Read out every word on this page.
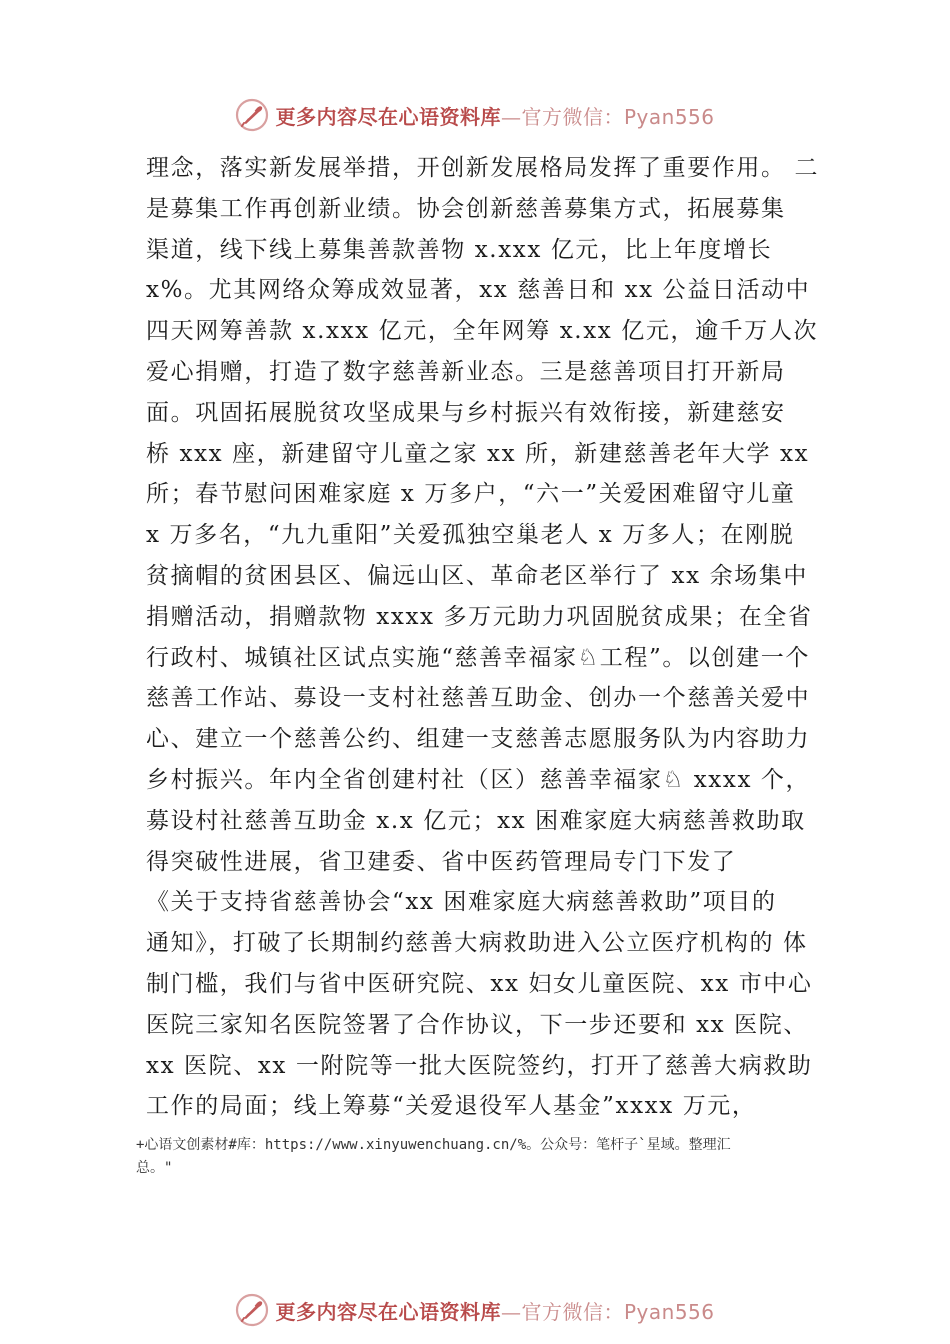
更多内容尽在心语资料库—官方微信：Pyan556
理念，落实新发展举措，开创新发展格局发挥了重要作用。 二
是募集工作再创新业绩。协会创新慈善募集方式，拓展募集
渠道，线下线上募集善款善物 x.xxx 亿元，比上年度增长
x%。尤其网络众筹成效显著，xx 慈善日和 xx 公益日活动中
四天网筹善款 x.xxx 亿元，全年网筹 x.xx 亿元，逾千万人次
爱心捐赠，打造了数字慈善新业态。三是慈善项目打开新局
面。巩固拓展脱贫攻坚成果与乡村振兴有效衔接，新建慈安
桥 xxx 座，新建留守儿童之家 xx 所，新建慈善老年大学 xx
所；春节慰问困难家庭 x 万多户，“六一”关爱困难留守儿童
x 万多名，“九九重阳”关爱孤独空巢老人 x 万多人；在刚脱
贫摘帽的贫困县区、偏远山区、革命老区举行了 xx 余场集中
捐赠活动，捐赠款物 xxxx 多万元助力巩固脱贫成果；在全省
行政村、城镇社区试点实施“慈善幸福家♘工程”。以创建一个
慈善工作站、募设一支村社慈善互助金、创办一个慈善关爱中
心、建立一个慈善公约、组建一支慈善志愿服务队为内容助力
乡村振兴。年内全省创建村社（区）慈善幸福家♘ xxxx 个，
募设村社慈善互助金 x.x 亿元；xx 困难家庭大病慈善救助取
得突破性进展，省卫建委、省中医药管理局专门下发了
《关于支持省慈善协会“xx 困难家庭大病慈善救助”项目的
通知》，打破了长期制约慈善大病救助进入公立医疗机构的 体
制门槛，我们与省中医研究院、xx 妇女儿童医院、xx 市中心
医院三家知名医院签署了合作协议，下一步还要和 xx 医院、
xx 医院、xx 一附院等一批大医院签约，打开了慈善大病救助
工作的局面；线上筹募“关爱退役军人基金”xxxx 万元，
+心语文创素材#库：https://www.xinyuwenchuang.cn/%。公众号：笔杆子`星域。整理汇
总。"
更多内容尽在心语资料库—官方微信：Pyan556
